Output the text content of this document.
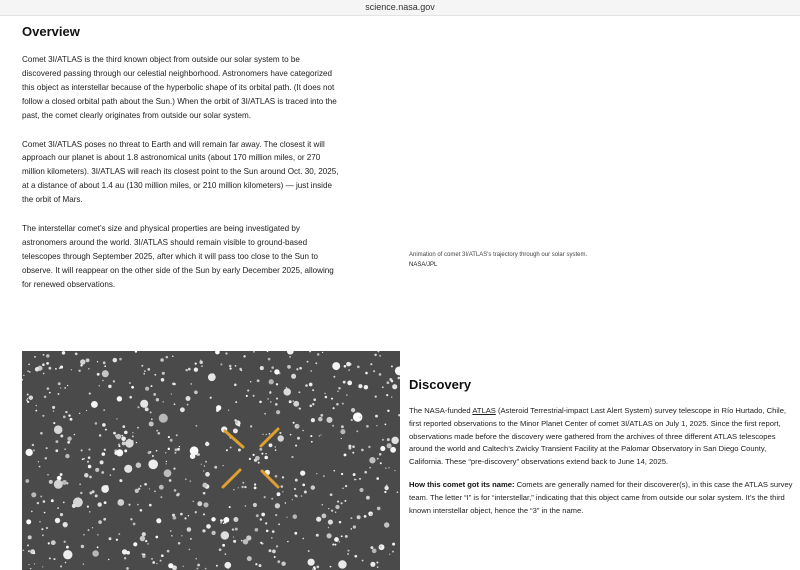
science.nasa.gov
Overview

Comet 3I/ATLAS is the third known object from outside our solar system to be discovered passing through our celestial neighborhood. Astronomers have categorized this object as interstellar because of the hyperbolic shape of its orbital path. (It does not follow a closed orbital path about the Sun.) When the orbit of 3I/ATLAS is traced into the past, the comet clearly originates from outside our solar system.

Comet 3I/ATLAS poses no threat to Earth and will remain far away. The closest it will approach our planet is about 1.8 astronomical units (about 170 million miles, or 270 million kilometers). 3I/ATLAS will reach its closest point to the Sun around Oct. 30, 2025, at a distance of about 1.4 au (130 million miles, or 210 million kilometers) — just inside the orbit of Mars.

The interstellar comet’s size and physical properties are being investigated by astronomers around the world. 3I/ATLAS should remain visible to ground-based telescopes through September 2025, after which it will pass too close to the Sun to observe. It will reappear on the other side of the Sun by early December 2025, allowing for renewed observations.

Animation of comet 3I/ATLAS's trajectory through our solar system.
NASA/JPL
Discovery

The NASA-funded ATLAS (Asteroid Terrestrial-impact Last Alert System) survey telescope in Río Hurtado, Chile, first reported observations to the Minor Planet Center of comet 3I/ATLAS on July 1, 2025. Since the first report, observations made before the discovery were gathered from the archives of three different ATLAS telescopes around the world and Caltech’s Zwicky Transient Facility at the Palomar Observatory in San Diego County, California. These “pre-discovery” observations extend back to June 14, 2025.

How this comet got its name: Comets are generally named for their discoverer(s), in this case the ATLAS survey team. The letter “I” is for “interstellar,” indicating that this object came from outside our solar system. It’s the third known interstellar object, hence the “3” in the name.
